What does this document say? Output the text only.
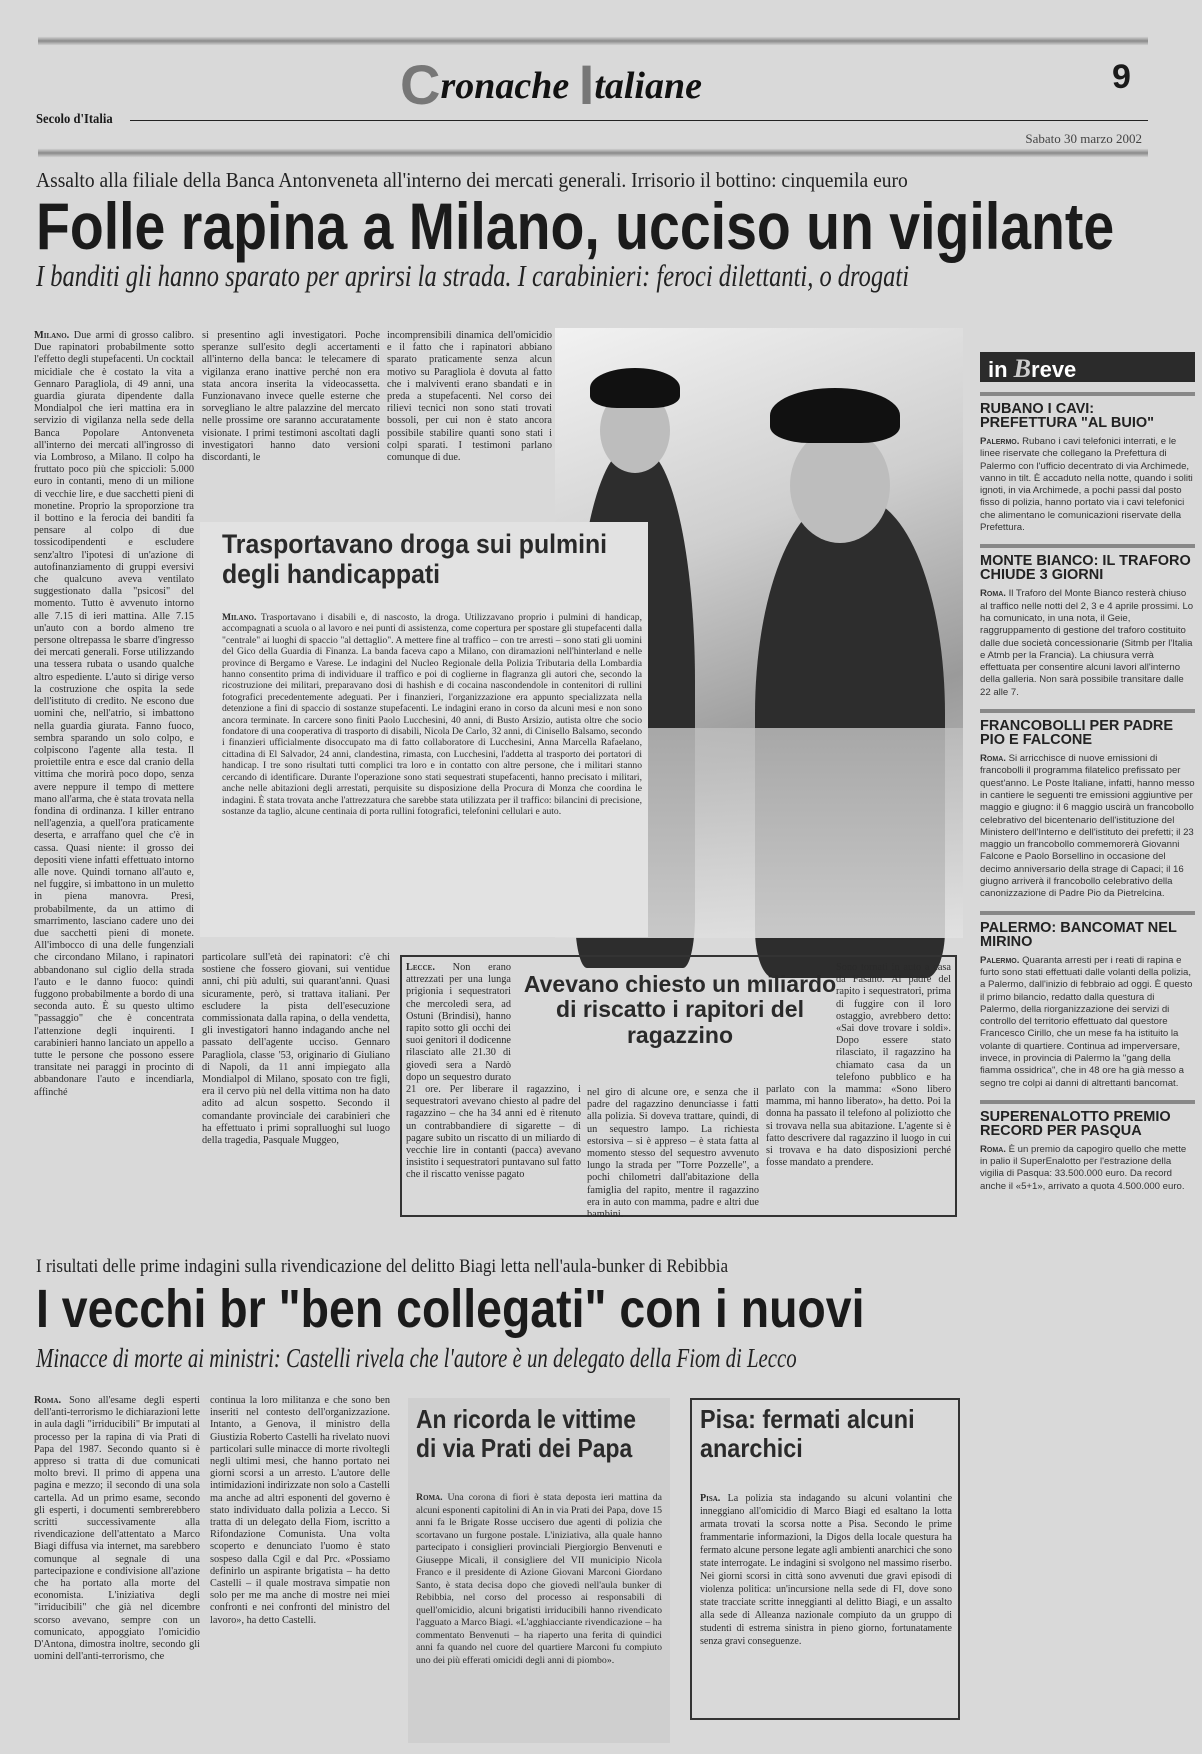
Cronache Italiane	9
Secolo d'Italia
Sabato 30 marzo 2002
Assalto alla filiale della Banca Antonveneta all'interno dei mercati generali. Irrisorio il bottino: cinquemila euro
Folle rapina a Milano, ucciso un vigilante
I banditi gli hanno sparato per aprirsi la strada. I carabinieri: feroci dilettanti, o drogati
Milano. Due armi di grosso calibro. Due rapinatori probabilmente sotto l'effetto degli stupefacenti. Un cocktail micidiale che è costato la vita a Gennaro Paragliola, di 49 anni, una guardia giurata dipendente dalla Mondialpol che ieri mattina era in servizio di vigilanza nella sede della Banca Popolare Antonveneta all'interno dei mercati all'ingrosso di via Lombroso, a Milano. Il colpo ha fruttato poco più che spiccioli: 5.000 euro in contanti, meno di un milione di vecchie lire, e due sacchetti pieni di monetine. Proprio la sproporzione tra il bottino e la ferocia dei banditi fa pensare al colpo di due tossicodipendenti e escludere senz'altro l'ipotesi di un'azione di autofinanziamento di gruppi eversivi che qualcuno aveva ventilato suggestionato dalla "psicosi" del momento. Tutto è avvenuto intorno alle 7.15 di ieri mattina. Alle 7.15 un'auto con a bordo almeno tre persone oltrepassa le sbarre d'ingresso dei mercati generali. Forse utilizzando una tessera rubata o usando qualche altro espediente. L'auto si dirige verso la costruzione che ospita la sede dell'istituto di credito. Ne escono due uomini che, nell'atrio, si imbattono nella guardia giurata. Fanno fuoco, sembra sparando un solo colpo, e colpiscono l'agente alla testa. Il proiettile entra e esce dal cranio della vittima che morirà poco dopo, senza avere neppure il tempo di mettere mano all'arma, che è stata trovata nella fondina di ordinanza. I killer entrano nell'agenzia, a quell'ora praticamente deserta, e arraffano quel che c'è in cassa. Quasi niente: il grosso dei depositi viene infatti effettuato intorno alle nove. Quindi tornano all'auto e, nel fuggire, si imbattono in un muletto in piena manovra. Presi, probabilmente, da un attimo di smarrimento, lasciano cadere uno dei due sacchetti pieni di monete. All'imbocco di una delle fungenziali che circondano Milano, i rapinatori abbandonano sul ciglio della strada l'auto e le danno fuoco: quindi fuggono probabilmente a bordo di una seconda auto. È su questo ultimo "passaggio" che è concentrata l'attenzione degli inquirenti. I carabinieri hanno lanciato un appello a tutte le persone che possono essere transitate nei paraggi in procinto di abbandonare l'auto e incendiarla, affinché
si presentino agli investigatori. Poche speranze sull'esito degli accertamenti all'interno della banca: le telecamere di vigilanza erano inattive perché non era stata ancora inserita la videocassetta. Funzionavano invece quelle esterne che sorvegliano le altre palazzine del mercato nelle prossime ore saranno accuratamente visionate. I primi testimoni ascoltati dagli investigatori hanno dato versioni discordanti, le
incomprensibili dinamica dell'omicidio e il fatto che i rapinatori abbiano sparato praticamente senza alcun motivo su Paragliola è dovuta al fatto che i malviventi erano sbandati e in preda a stupefacenti. Nel corso dei rilievi tecnici non sono stati trovati bossoli, per cui non è stato ancora possibile stabilire quanti sono stati i colpi sparati. I testimoni parlano comunque di due.
Trasportavano droga sui pulmini degli handicappati
Milano. Trasportavano i disabili e, di nascosto, la droga. Utilizzavano proprio i pulmini di handicap, accompagnati a scuola o al lavoro e nei punti di assistenza, come copertura per spostare gli stupefacenti dalla "centrale" ai luoghi di spaccio "al dettaglio". A mettere fine al traffico – con tre arresti – sono stati gli uomini del Gico della Guardia di Finanza. La banda faceva capo a Milano, con diramazioni nell'hinterland e nelle province di Bergamo e Varese. Le indagini del Nucleo Regionale della Polizia Tributaria della Lombardia hanno consentito prima di individuare il traffico e poi di coglierne in flagranza gli autori che, secondo la ricostruzione dei militari, preparavano dosi di hashish e di cocaina nascondendole in contenitori di rullini fotografici precedentemente adeguati. Per i finanzieri, l'organizzazione era appunto specializzata nella detenzione a fini di spaccio di sostanze stupefacenti. Le indagini erano in corso da alcuni mesi e non sono ancora terminate. In carcere sono finiti Paolo Lucchesini, 40 anni, di Busto Arsizio, autista oltre che socio fondatore di una cooperativa di trasporto di disabili, Nicola De Carlo, 32 anni, di Cinisello Balsamo, secondo i finanzieri ufficialmente disoccupato ma di fatto collaboratore di Lucchesini, Anna Marcella Rafaelano, cittadina di El Salvador, 24 anni, clandestina, rimasta, con Lucchesini, l'addetta al trasporto dei portatori di handicap. I tre sono risultati tutti complici tra loro e in contatto con altre persone, che i militari stanno cercando di identificare. Durante l'operazione sono stati sequestrati stupefacenti, hanno precisato i militari, anche nelle abitazioni degli arrestati, perquisite su disposizione della Procura di Monza che coordina le indagini. È stata trovata anche l'attrezzatura che sarebbe stata utilizzata per il traffico: bilancini di precisione, sostanze da taglio, alcune centinaia di porta rullini fotografici, telefonini cellulari e auto.
particolare sull'età dei rapinatori: c'è chi sostiene che fossero giovani, sui ventidue anni, chi più adulti, sui quarant'anni. Quasi sicuramente, però, si trattava italiani. Per escludere la pista dell'esecuzione commissionata dalla rapina, o della vendetta, gli investigatori hanno indagando anche nel passato dell'agente ucciso. Gennaro Paragliola, classe '53, originario di Giuliano di Napoli, da 11 anni impiegato alla Mondialpol di Milano, sposato con tre figli, era il cervo più nel della vittima non ha dato adito ad alcun sospetto. Secondo il comandante provinciale dei carabinieri che ha effettuato i primi sopralluoghi sul luogo della tragedia, Pasquale Muggeo,
Avevano chiesto un miliardo di riscatto i rapitori del ragazzino
Lecce. Non erano attrezzati per una lunga prigionia i sequestratori che mercoledì sera, ad Ostuni (Brindisi), hanno rapito sotto gli occhi dei suoi genitori il dodicenne rilasciato alle 21.30 di giovedì sera a Nardò dopo un sequestro durato 21 ore. Per liberare il ragazzino, i sequestratori avevano chiesto al padre del ragazzino – che ha 34 anni ed è ritenuto un contrabbandiere di sigarette – di pagare subito un riscatto di un miliardo di vecchie lire in contanti (pacca) avevano insistito i sequestratori puntavano sul fatto che il riscatto venisse pagato
nel giro di alcune ore, e senza che il padre del ragazzino denunciasse i fatti alla polizia. Si doveva trattare, quindi, di un sequestro lampo. La richiesta estorsiva – si è appreso – è stata fatta al momento stesso del sequestro avvenuto lungo la strada per "Torre Pozzelle", a pochi chilometri dall'abitazione della famiglia del rapito, mentre il ragazzino era in auto con mamma, padre e altri due bambini.
Sono tornati in auto a casa da Fasano. Al padre del rapito i sequestratori, prima di fuggire con il loro ostaggio, avrebbero detto: «Sai dove trovare i soldi». Dopo essere stato rilasciato, il ragazzino ha chiamato casa da un telefono pubblico e ha parlato con la mamma: «Sono libero mamma, mi hanno liberato», ha detto. Poi la donna ha passato il telefono al poliziotto che si trovava nella sua abitazione. L'agente si è fatto descrivere dal ragazzino il luogo in cui si trovava e ha dato disposizioni perché fosse mandato a prendere.
in Breve
RUBANO I CAVI: PREFETTURA "AL BUIO"
Palermo. Rubano i cavi telefonici interrati, e le linee riservate che collegano la Prefettura di Palermo con l'ufficio decentrato di via Archimede, vanno in tilt. È accaduto nella notte, quando i soliti ignoti, in via Archimede, a pochi passi dal posto fisso di polizia, hanno portato via i cavi telefonici che alimentano le comunicazioni riservate della Prefettura.
MONTE BIANCO: IL TRAFORO CHIUDE 3 GIORNI
Roma. Il Traforo del Monte Bianco resterà chiuso al traffico nelle notti del 2, 3 e 4 aprile prossimi. Lo ha comunicato, in una nota, il Geie, raggruppamento di gestione del traforo costituito dalle due società concessionarie (Sitmb per l'Italia e Atmb per la Francia). La chiusura verrà effettuata per consentire alcuni lavori all'interno della galleria. Non sarà possibile transitare dalle 22 alle 7.
FRANCOBOLLI PER PADRE PIO E FALCONE
Roma. Si arricchisce di nuove emissioni di francobolli il programma filatelico prefissato per quest'anno. Le Poste Italiane, infatti, hanno messo in cantiere le seguenti tre emissioni aggiuntive per maggio e giugno: il 6 maggio uscirà un francobollo celebrativo del bicentenario dell'istituzione del Ministero dell'Interno e dell'istituto dei prefetti; il 23 maggio un francobollo commemorerà Giovanni Falcone e Paolo Borsellino in occasione del decimo anniversario della strage di Capaci; il 16 giugno arriverà il francobollo celebrativo della canonizzazione di Padre Pio da Pietrelcina.
PALERMO: BANCOMAT NEL MIRINO
Palermo. Quaranta arresti per i reati di rapina e furto sono stati effettuati dalle volanti della polizia, a Palermo, dall'inizio di febbraio ad oggi. È questo il primo bilancio, redatto dalla questura di Palermo, della riorganizzazione dei servizi di controllo del territorio effettuato dal questore Francesco Cirillo, che un mese fa ha istituito la volante di quartiere. Continua ad imperversare, invece, in provincia di Palermo la "gang della fiamma ossidrica", che in 48 ore ha già messo a segno tre colpi ai danni di altrettanti bancomat.
SUPERENALOTTO PREMIO RECORD PER PASQUA
Roma. È un premio da capogiro quello che mette in palio il SuperEnalotto per l'estrazione della vigilia di Pasqua: 33.500.000 euro. Da record anche il «5+1», arrivato a quota 4.500.000 euro.
I risultati delle prime indagini sulla rivendicazione del delitto Biagi letta nell'aula-bunker di Rebibbia
I vecchi br "ben collegati" con i nuovi
Minacce di morte ai ministri: Castelli rivela che l'autore è un delegato della Fiom di Lecco
Roma. Sono all'esame degli esperti dell'anti-terrorismo le dichiarazioni lette in aula dagli "irriducibili" Br imputati al processo per la rapina di via Prati di Papa del 1987. Secondo quanto si è appreso si tratta di due comunicati molto brevi. Il primo di appena una pagina e mezzo; il secondo di una sola cartella. Ad un primo esame, secondo gli esperti, i documenti sembrerebbero scritti successivamente alla rivendicazione dell'attentato a Marco Biagi diffusa via internet, ma sarebbero comunque al segnale di una partecipazione e condivisione all'azione che ha portato alla morte del economista. L'iniziativa degli "irriducibili" che già nel dicembre scorso avevano, sempre con un comunicato, appoggiato l'omicidio D'Antona, dimostra inoltre, secondo gli uomini dell'anti-terrorismo, che
continua la loro militanza e che sono ben inseriti nel contesto dell'organizzazione. Intanto, a Genova, il ministro della Giustizia Roberto Castelli ha rivelato nuovi particolari sulle minacce di morte rivoltegli negli ultimi mesi, che hanno portato nei giorni scorsi a un arresto. L'autore delle intimidazioni indirizzate non solo a Castelli ma anche ad altri esponenti del governo è stato individuato dalla polizia a Lecco. Si tratta di un delegato della Fiom, iscritto a Rifondazione Comunista. Una volta scoperto e denunciato l'uomo è stato sospeso dalla Cgil e dal Prc. «Possiamo definirlo un aspirante brigatista – ha detto Castelli – il quale mostrava simpatie non solo per me ma anche di mostre nei miei confronti e nei confronti del ministro del lavoro», ha detto Castelli.
An ricorda le vittime di via Prati dei Papa
Roma. Una corona di fiori è stata deposta ieri mattina da alcuni esponenti capitolini di An in via Prati dei Papa, dove 15 anni fa le Brigate Rosse uccisero due agenti di polizia che scortavano un furgone postale. L'iniziativa, alla quale hanno partecipato i consiglieri provinciali Piergiorgio Benvenuti e Giuseppe Micali, il consigliere del VII municipio Nicola Franco e il presidente di Azione Giovani Marconi Giordano Santo, è stata decisa dopo che giovedì nell'aula bunker di Rebibbia, nel corso del processo ai responsabili di quell'omicidio, alcuni brigatisti irriducibili hanno rivendicato l'agguato a Marco Biagi. «L'agghiacciante rivendicazione – ha commentato Benvenuti – ha riaperto una ferita di quindici anni fa quando nel cuore del quartiere Marconi fu compiuto uno dei più efferati omicidi degli anni di piombo».
Pisa: fermati alcuni anarchici
Pisa. La polizia sta indagando su alcuni volantini che inneggiano all'omicidio di Marco Biagi ed esaltano la lotta armata trovati la scorsa notte a Pisa. Secondo le prime frammentarie informazioni, la Digos della locale questura ha fermato alcune persone legate agli ambienti anarchici che sono state interrogate. Le indagini si svolgono nel massimo riserbo. Nei giorni scorsi in città sono avvenuti due gravi episodi di violenza politica: un'incursione nella sede di FI, dove sono state tracciate scritte inneggianti al delitto Biagi, e un assalto alla sede di Alleanza nazionale compiuto da un gruppo di studenti di estrema sinistra in pieno giorno, fortunatamente senza gravi conseguenze.
